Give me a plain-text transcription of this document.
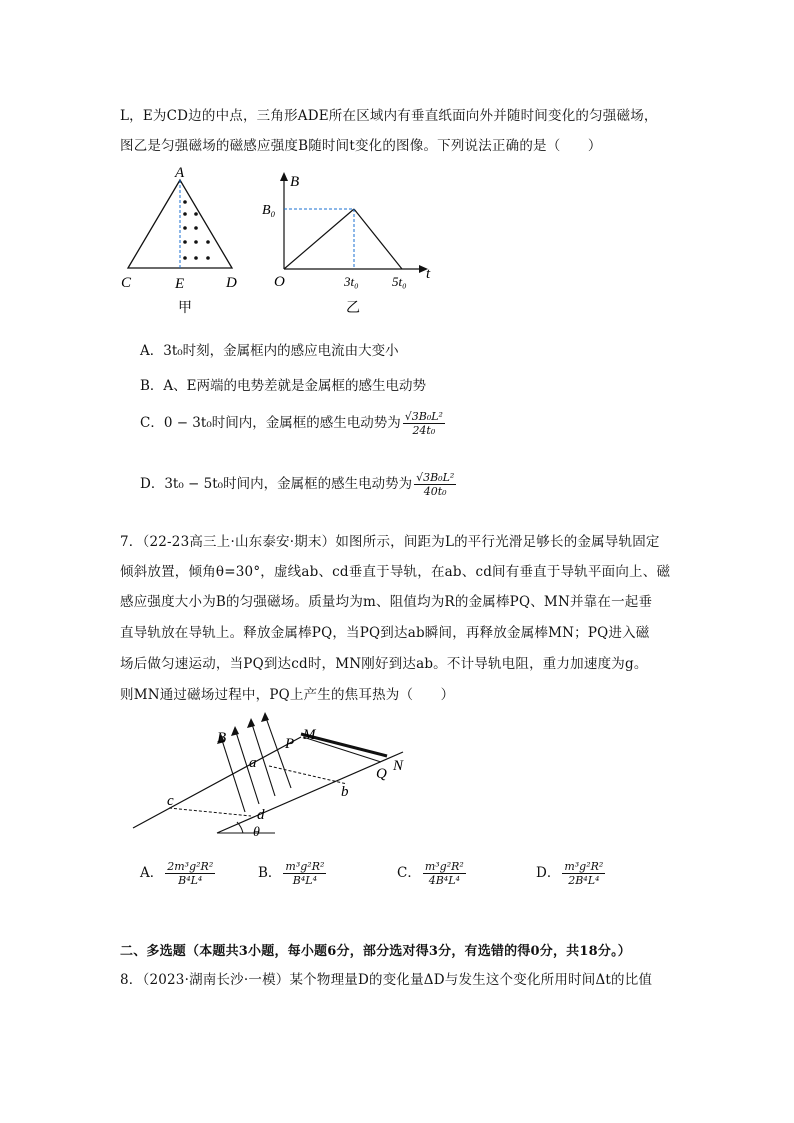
L，E为CD边的中点，三角形ADE所在区域内有垂直纸面向外并随时间变化的匀强磁场，
图乙是匀强磁场的磁感应强度B随时间t变化的图像。下列说法正确的是（　　）
A
C	E	D
甲
B
B₀
O	t
3t₀	5t₀
乙
A．3t₀时刻，金属框内的感应电流由大变小
B．A、E两端的电势差就是金属框的感生电动势
C．0 − 3t₀时间内，金属框的感生电动势为 $\frac{\text{√3B₀L²}}{\text{24t₀}}$
D．3t₀ − 5t₀时间内，金属框的感生电动势为 $\frac{\text{√3B₀L²}}{\text{40t₀}}$
7．（22-23高三上·山东泰安·期末）如图所示，间距为L的平行光滑足够长的金属导轨固定
倾斜放置，倾角θ=30°，虚线ab、cd垂直于导轨，在ab、cd间有垂直于导轨平面向上、磁
感应强度大小为B的匀强磁场。质量均为m、阻值均为R的金属棒PQ、MN并靠在一起垂
直导轨放在导轨上。释放金属棒PQ，当PQ到达ab瞬间，再释放金属棒MN；PQ进入磁
场后做匀速运动，当PQ到达cd时，MN刚好到达ab。不计导轨电阻，重力加速度为g。
则MN通过磁场过程中，PQ上产生的焦耳热为（　　）
B	P
M
a
Q N
c
b
d
θ
A． $\frac{\text{2m³g²R²}}{\text{B⁴L⁴}}$	B． $\frac{\text{m³g²R²}}{\text{B⁴L⁴}}$	C． $\frac{\text{m³g²R²}}{\text{4B⁴L⁴}}$	D． $\frac{\text{m³g²R²}}{\text{2B⁴L⁴}}$
二、多选题（本题共3小题，每小题6分，部分选对得3分，有选错的得0分，共18分。）
8．（2023·湖南长沙·一模）某个物理量D的变化量ΔD与发生这个变化所用时间Δt的比值
